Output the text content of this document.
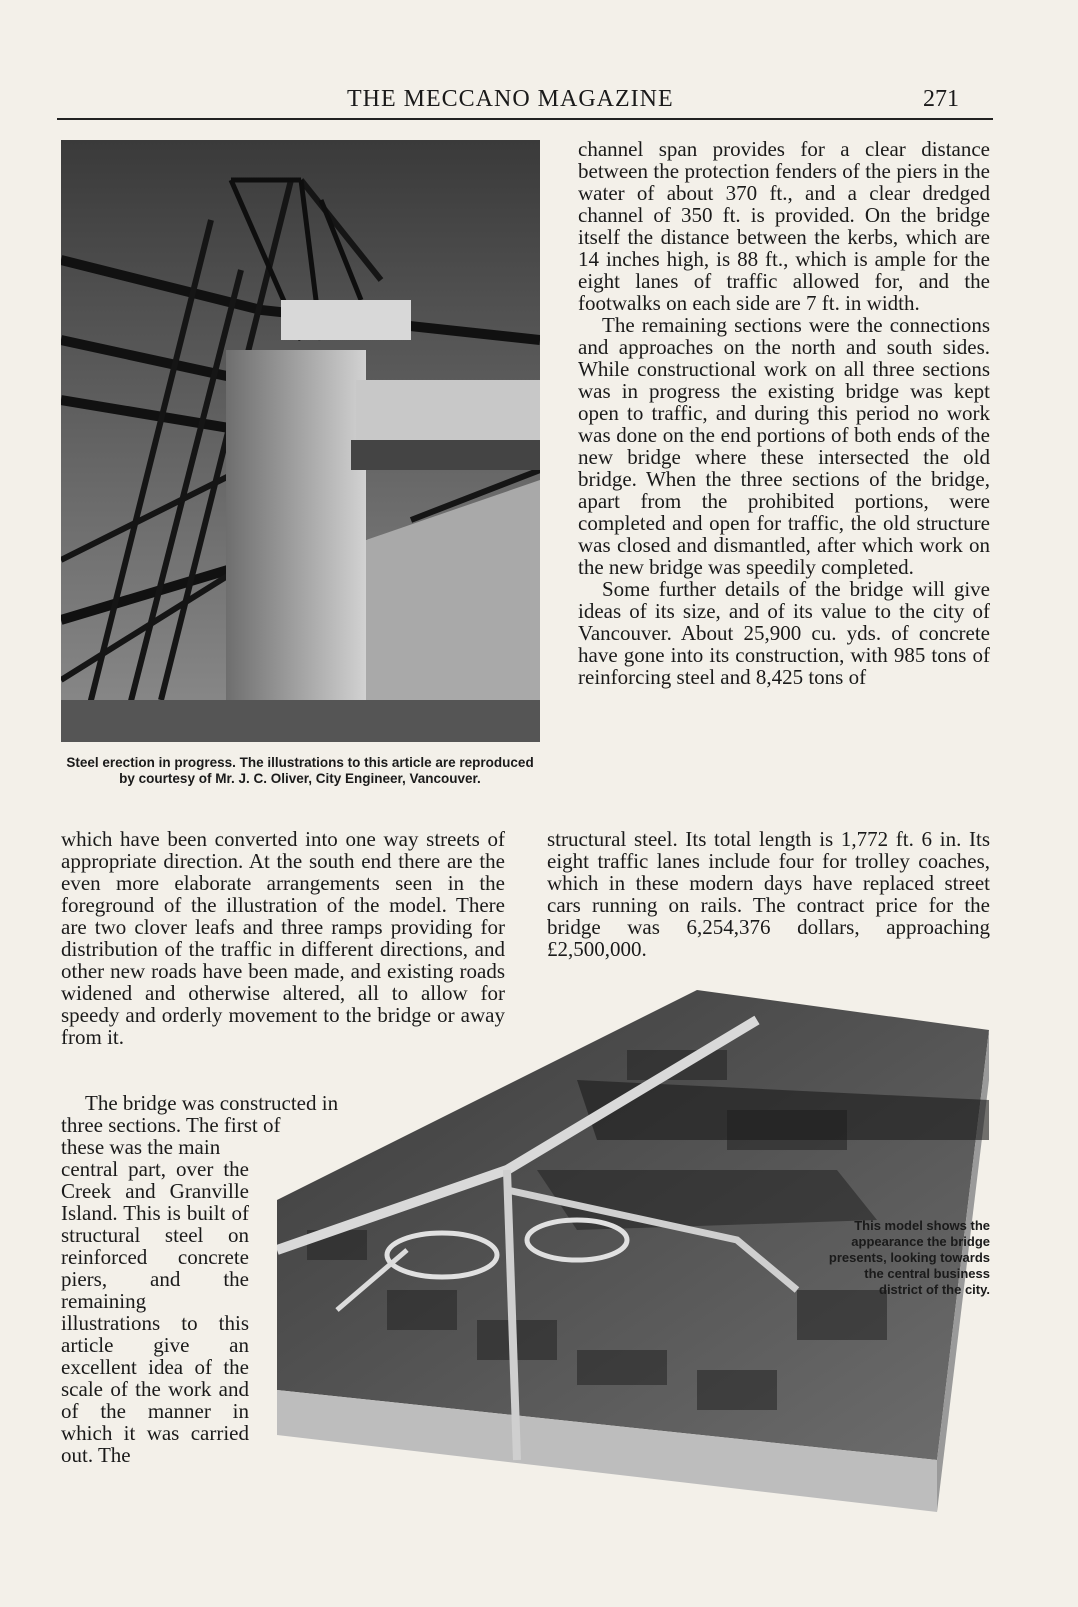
THE MECCANO MAGAZINE	271
Steel erection in progress. The illustrations to this article are reproduced by courtesy of Mr. J. C. Oliver, City Engineer, Vancouver.

channel span provides for a clear distance between the protection fenders of the piers in the water of about 370 ft., and a clear dredged channel of 350 ft. is provided. On the bridge itself the distance between the kerbs, which are 14 inches high, is 88 ft., which is ample for the eight lanes of traffic allowed for, and the footwalks on each side are 7 ft. in width.

The remaining sections were the connections and approaches on the north and south sides. While constructional work on all three sections was in progress the existing bridge was kept open to traffic, and during this period no work was done on the end portions of both ends of the new bridge where these intersected the old bridge. When the three sections of the bridge, apart from the prohibited portions, were completed and open for traffic, the old structure was closed and dismantled, after which work on the new bridge was speedily completed.

Some further details of the bridge will give ideas of its size, and of its value to the city of Vancouver. About 25,900 cu. yds. of concrete have gone into its construction, with 985 tons of reinforcing steel and 8,425 tons of

structural steel. Its total length is 1,772 ft. 6 in. Its eight traffic lanes include four for trolley coaches, which in these modern days have replaced street cars running on rails. The contract price for the bridge was 6,254,376 dollars, approaching £2,500,000.

which have been converted into one way streets of appropriate direction. At the south end there are the even more elaborate arrangements seen in the foreground of the illustration of the model. There are two clover leafs and three ramps providing for distribution of the traffic in different directions, and other new roads have been made, and existing roads widened and otherwise altered, all to allow for speedy and orderly movement to the bridge or away from it.

The bridge was constructed in

three sections. The first of

these was the main

central part, over the Creek and Granville Island. This is built of structural steel on reinforced concrete piers, and the remaining illustrations to this article give an excellent idea of the scale of the work and of the manner in which it was carried out. The

This model shows the appearance the bridge presents, looking towards the central business district of the city.
